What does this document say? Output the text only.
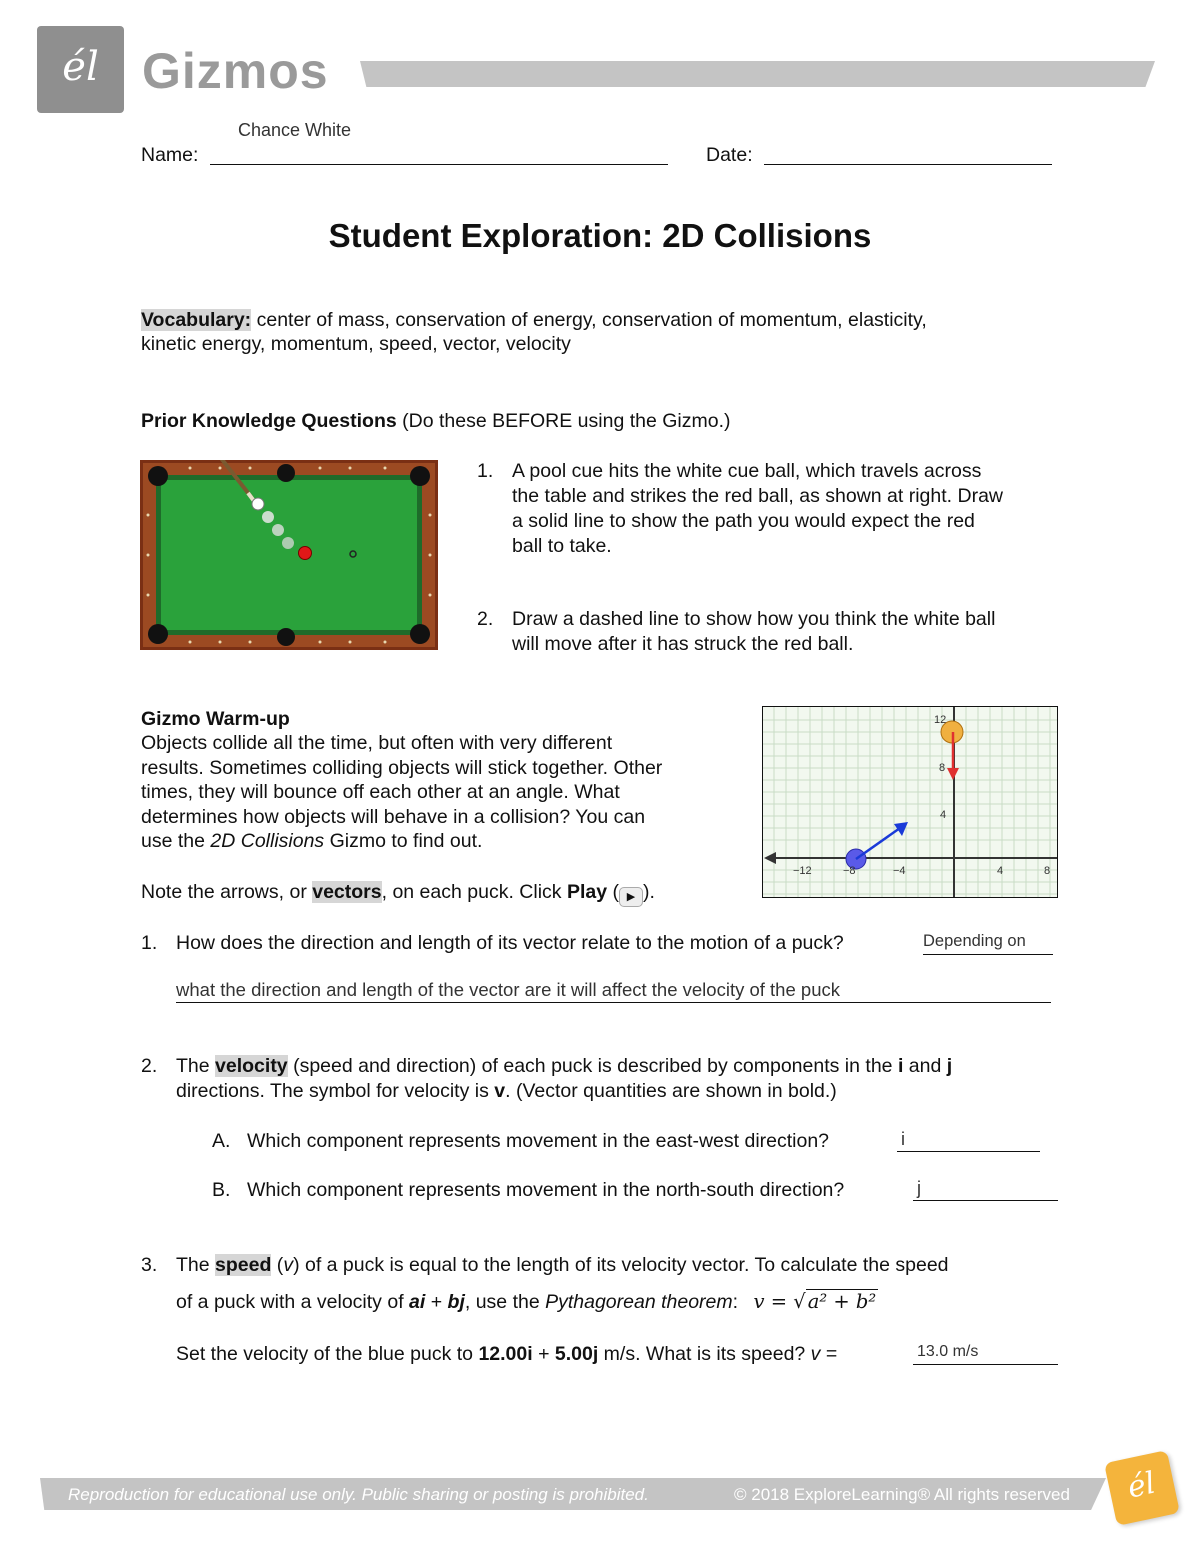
él Gizmos
Chance White
Name:	Date:
Student Exploration: 2D Collisions
Vocabulary: center of mass, conservation of energy, conservation of momentum, elasticity,
kinetic energy, momentum, speed, vector, velocity
Prior Knowledge Questions (Do these BEFORE using the Gizmo.)
1. A pool cue hits the white cue ball, which travels across
the table and strikes the red ball, as shown at right. Draw
a solid line to show the path you would expect the red
ball to take.
2. Draw a dashed line to show how you think the white ball
will move after it has struck the red ball.
Gizmo Warm-up
Objects collide all the time, but often with very different
results. Sometimes colliding objects will stick together. Other
times, they will bounce off each other at an angle. What
determines how objects will behave in a collision? You can
use the 2D Collisions Gizmo to find out.
Note the arrows, or vectors, on each puck. Click Play ( ▶ ).
12
8
4
−12	−8	−4	4	8
1. How does the direction and length of its vector relate to the motion of a puck?	Depending on
what the direction and length of the vector are it will affect the velocity of the puck
2. The velocity (speed and direction) of each puck is described by components in the i and j
directions. The symbol for velocity is v. (Vector quantities are shown in bold.)
A. Which component represents movement in the east-west direction?	i
B. Which component represents movement in the north-south direction?	j
3. The speed (v) of a puck is equal to the length of its velocity vector. To calculate the speed
of a puck with a velocity of ai + bj, use the Pythagorean theorem: v = √ a² + b²
Set the velocity of the blue puck to 12.00i + 5.00j m/s. What is its speed? v =	13.0 m/s
Reproduction for educational use only. Public sharing or posting is prohibited.	© 2018 ExploreLearning® All rights reserved	él
